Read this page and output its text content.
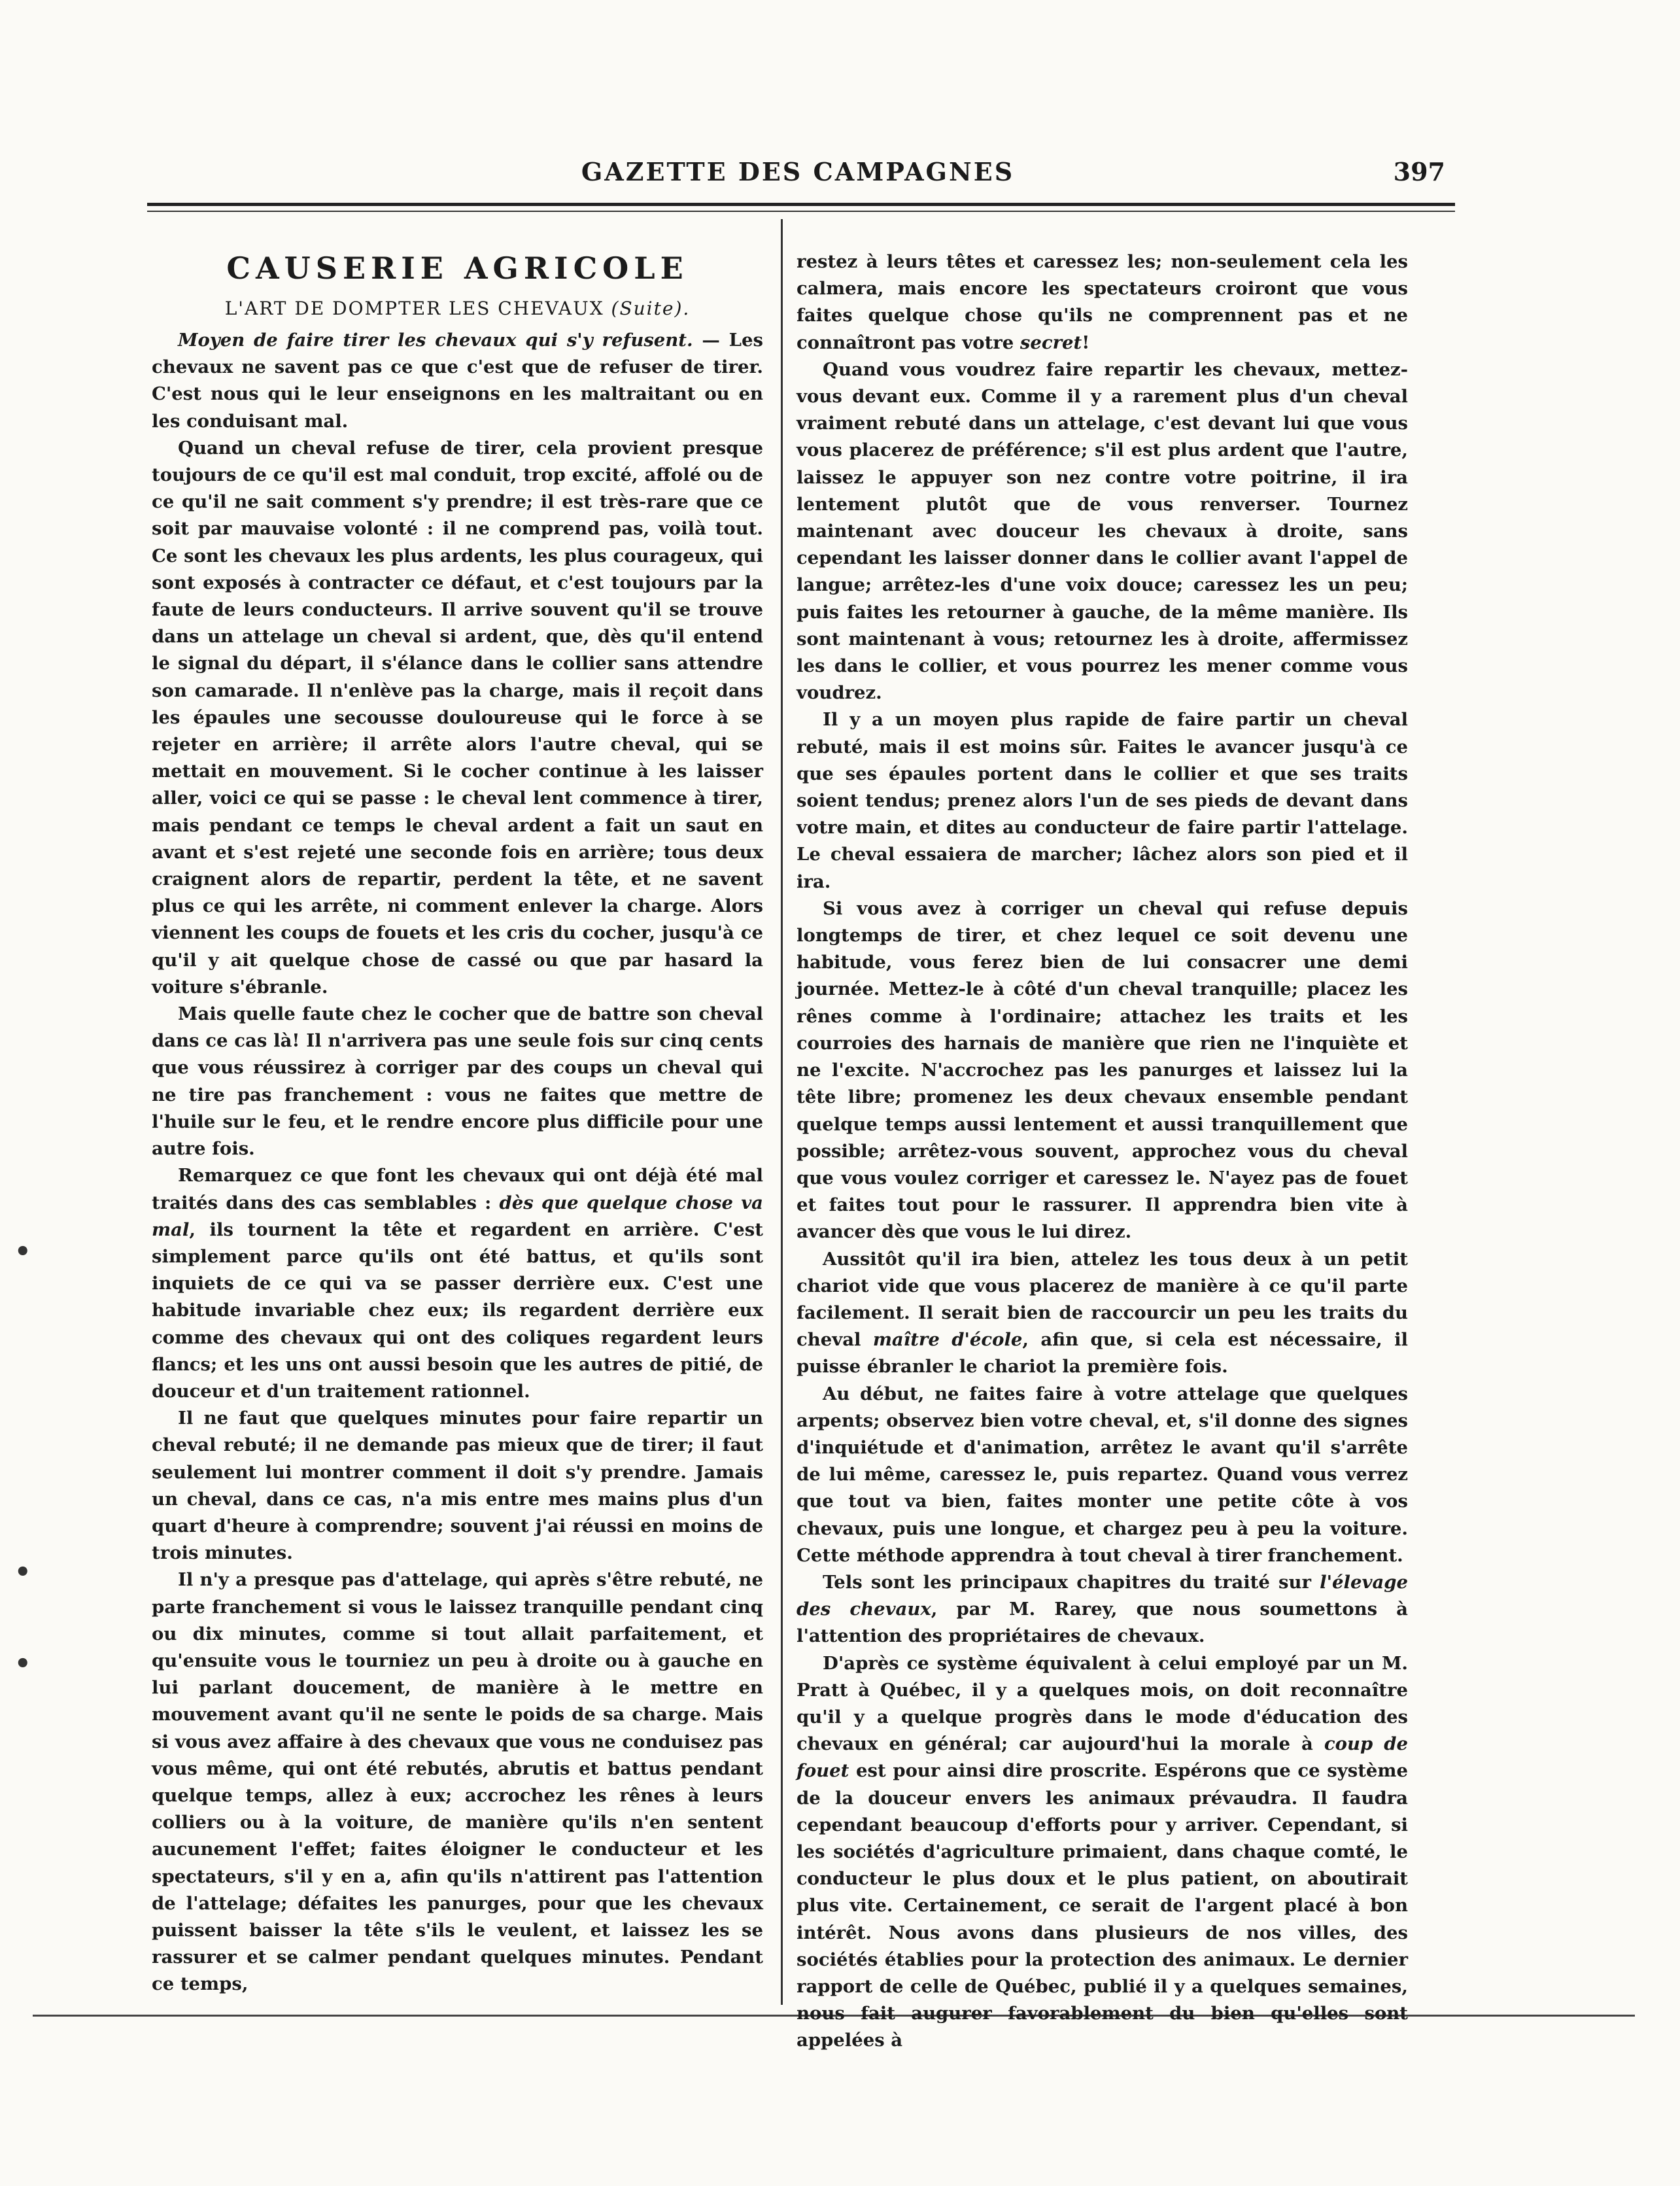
GAZETTE DES CAMPAGNES	397
CAUSERIE AGRICOLE
L'ART DE DOMPTER LES CHEVAUX (Suite).

Moyen de faire tirer les chevaux qui s'y refusent. — Les chevaux ne savent pas ce que c'est que de refuser de tirer. C'est nous qui le leur enseignons en les maltraitant ou en les conduisant mal.

Quand un cheval refuse de tirer, cela provient presque toujours de ce qu'il est mal conduit, trop excité, affolé ou de ce qu'il ne sait comment s'y prendre; il est très-rare que ce soit par mauvaise volonté : il ne comprend pas, voilà tout. Ce sont les chevaux les plus ardents, les plus courageux, qui sont exposés à contracter ce défaut, et c'est toujours par la faute de leurs conducteurs. Il arrive souvent qu'il se trouve dans un attelage un cheval si ardent, que, dès qu'il entend le signal du départ, il s'élance dans le collier sans attendre son camarade. Il n'enlève pas la charge, mais il reçoit dans les épaules une secousse douloureuse qui le force à se rejeter en arrière; il arrête alors l'autre cheval, qui se mettait en mouvement. Si le cocher continue à les laisser aller, voici ce qui se passe : le cheval lent commence à tirer, mais pendant ce temps le cheval ardent a fait un saut en avant et s'est rejeté une seconde fois en arrière; tous deux craignent alors de repartir, perdent la tête, et ne savent plus ce qui les arrête, ni comment enlever la charge. Alors viennent les coups de fouets et les cris du cocher, jusqu'à ce qu'il y ait quelque chose de cassé ou que par hasard la voiture s'ébranle.

Mais quelle faute chez le cocher que de battre son cheval dans ce cas là! Il n'arrivera pas une seule fois sur cinq cents que vous réussirez à corriger par des coups un cheval qui ne tire pas franchement : vous ne faites que mettre de l'huile sur le feu, et le rendre encore plus difficile pour une autre fois.

Remarquez ce que font les chevaux qui ont déjà été mal traités dans des cas semblables : dès que quelque chose va mal, ils tournent la tête et regardent en arrière. C'est simplement parce qu'ils ont été battus, et qu'ils sont inquiets de ce qui va se passer derrière eux. C'est une habitude invariable chez eux; ils regardent derrière eux comme des chevaux qui ont des coliques regardent leurs flancs; et les uns ont aussi besoin que les autres de pitié, de douceur et d'un traitement rationnel.

Il ne faut que quelques minutes pour faire repartir un cheval rebuté; il ne demande pas mieux que de tirer; il faut seulement lui montrer comment il doit s'y prendre. Jamais un cheval, dans ce cas, n'a mis entre mes mains plus d'un quart d'heure à comprendre; souvent j'ai réussi en moins de trois minutes.

Il n'y a presque pas d'attelage, qui après s'être rebuté, ne parte franchement si vous le laissez tranquille pendant cinq ou dix minutes, comme si tout allait parfaitement, et qu'ensuite vous le tourniez un peu à droite ou à gauche en lui parlant doucement, de manière à le mettre en mouvement avant qu'il ne sente le poids de sa charge. Mais si vous avez affaire à des chevaux que vous ne conduisez pas vous même, qui ont été rebutés, abrutis et battus pendant quelque temps, allez à eux; accrochez les rênes à leurs colliers ou à la voiture, de manière qu'ils n'en sentent aucunement l'effet; faites éloigner le conducteur et les spectateurs, s'il y en a, afin qu'ils n'attirent pas l'attention de l'attelage; défaites les panurges, pour que les chevaux puissent baisser la tête s'ils le veulent, et laissez les se rassurer et se calmer pendant quelques minutes. Pendant ce temps,

restez à leurs têtes et caressez les; non-seulement cela les calmera, mais encore les spectateurs croiront que vous faites quelque chose qu'ils ne comprennent pas et ne connaîtront pas votre secret!

Quand vous voudrez faire repartir les chevaux, mettez-vous devant eux. Comme il y a rarement plus d'un cheval vraiment rebuté dans un attelage, c'est devant lui que vous vous placerez de préférence; s'il est plus ardent que l'autre, laissez le appuyer son nez contre votre poitrine, il ira lentement plutôt que de vous renverser. Tournez maintenant avec douceur les chevaux à droite, sans cependant les laisser donner dans le collier avant l'appel de langue; arrêtez-les d'une voix douce; caressez les un peu; puis faites les retourner à gauche, de la même manière. Ils sont maintenant à vous; retournez les à droite, affermissez les dans le collier, et vous pourrez les mener comme vous voudrez.

Il y a un moyen plus rapide de faire partir un cheval rebuté, mais il est moins sûr. Faites le avancer jusqu'à ce que ses épaules portent dans le collier et que ses traits soient tendus; prenez alors l'un de ses pieds de devant dans votre main, et dites au conducteur de faire partir l'attelage. Le cheval essaiera de marcher; lâchez alors son pied et il ira.

Si vous avez à corriger un cheval qui refuse depuis longtemps de tirer, et chez lequel ce soit devenu une habitude, vous ferez bien de lui consacrer une demi journée. Mettez-le à côté d'un cheval tranquille; placez les rênes comme à l'ordinaire; attachez les traits et les courroies des harnais de manière que rien ne l'inquiète et ne l'excite. N'accrochez pas les panurges et laissez lui la tête libre; promenez les deux chevaux ensemble pendant quelque temps aussi lentement et aussi tranquillement que possible; arrêtez-vous souvent, approchez vous du cheval que vous voulez corriger et caressez le. N'ayez pas de fouet et faites tout pour le rassurer. Il apprendra bien vite à avancer dès que vous le lui direz.

Aussitôt qu'il ira bien, attelez les tous deux à un petit chariot vide que vous placerez de manière à ce qu'il parte facilement. Il serait bien de raccourcir un peu les traits du cheval maître d'école, afin que, si cela est nécessaire, il puisse ébranler le chariot la première fois.

Au début, ne faites faire à votre attelage que quelques arpents; observez bien votre cheval, et, s'il donne des signes d'inquiétude et d'animation, arrêtez le avant qu'il s'arrête de lui même, caressez le, puis repartez. Quand vous verrez que tout va bien, faites monter une petite côte à vos chevaux, puis une longue, et chargez peu à peu la voiture. Cette méthode apprendra à tout cheval à tirer franchement.

Tels sont les principaux chapitres du traité sur l'élevage des chevaux, par M. Rarey, que nous soumettons à l'attention des propriétaires de chevaux.

D'après ce système équivalent à celui employé par un M. Pratt à Québec, il y a quelques mois, on doit reconnaître qu'il y a quelque progrès dans le mode d'éducation des chevaux en général; car aujourd'hui la morale à coup de fouet est pour ainsi dire proscrite. Espérons que ce système de la douceur envers les animaux prévaudra. Il faudra cependant beaucoup d'efforts pour y arriver. Cependant, si les sociétés d'agriculture primaient, dans chaque comté, le conducteur le plus doux et le plus patient, on aboutirait plus vite. Certainement, ce serait de l'argent placé à bon intérêt. Nous avons dans plusieurs de nos villes, des sociétés établies pour la protection des animaux. Le dernier rapport de celle de Québec, publié il y a quelques semaines, nous fait augurer favorablement du bien qu'elles sont appelées à

•
•
•
